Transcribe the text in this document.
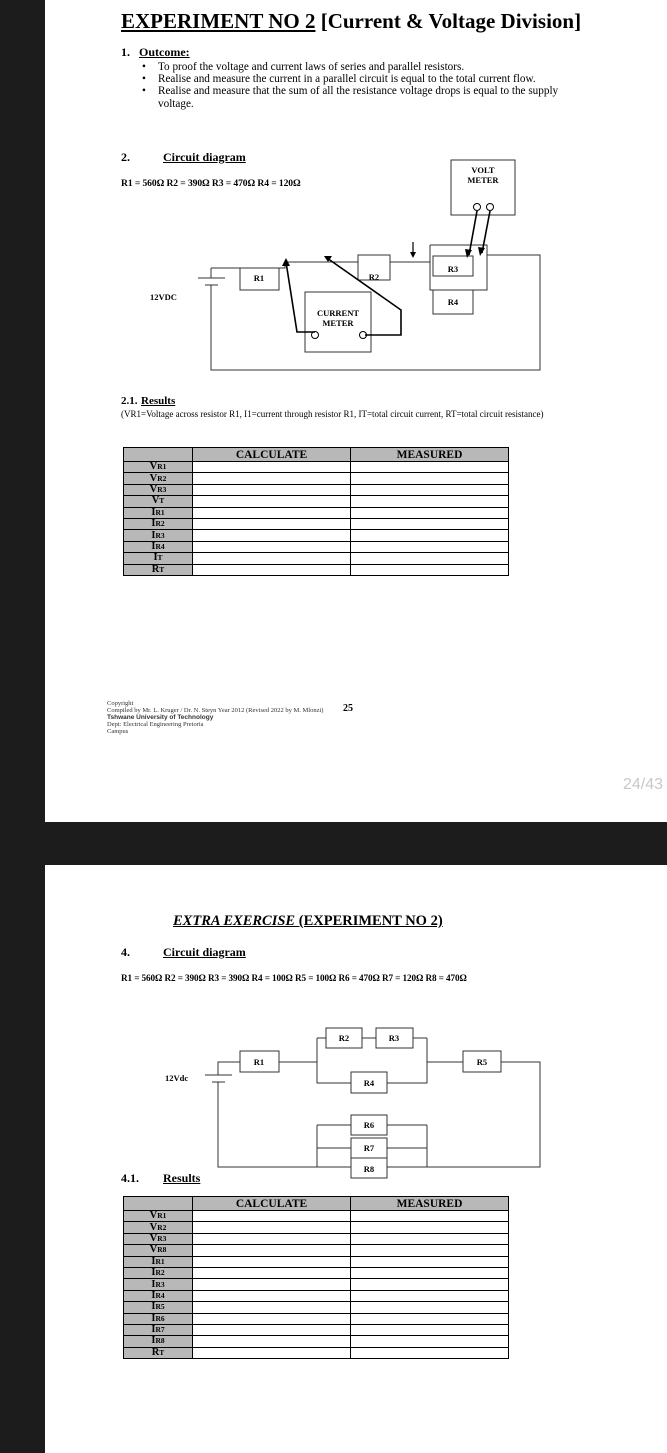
EXPERIMENT NO 2 [Current & Voltage Division]
1. Outcome:
• To proof the voltage and current laws of series and parallel resistors.
• Realise and measure the current in a parallel circuit is equal to the total current flow.
• Realise and measure that the sum of all the resistance voltage drops is equal to the supply voltage.
2.	Circuit diagram
R1 = 560Ω R2 = 390Ω R3 = 470Ω R4 = 120Ω
VOLT
METER
CURRENT
METER
12VDC
R1	R2
R3
R4
2.1. Results
(VR1=Voltage across resistor R1, I1=current through resistor R1, IT=total circuit current, RT=total circuit resistance)
	CALCULATE	MEASURED
VR1		
VR2		
VR3		
VT		
IR1		
IR2		
IR3		
IR4		
IT		
RT		
Copyright
Compiled by Mr. L. Kruger / Dr. N. Steyn Year 2012 (Revised 2022 by M. Mlonzi)
Tshwane University of Technology
Dept: Electrical Engineering Pretoria
Campus
25
24/43
EXTRA EXERCISE (EXPERIMENT NO 2)
4.	Circuit diagram
R1 = 560Ω R2 = 390Ω R3 = 390Ω R4 = 100Ω R5 = 100Ω R6 = 470Ω R7 = 120Ω R8 = 470Ω
12Vdc
R1
R2	R3
R4
R5
R6
R7
R8
4.1. Results
	CALCULATE	MEASURED
VR1		
VR2		
VR3		
VR8		
IR1		
IR2		
IR3		
IR4		
IR5		
IR6		
IR7		
IR8		
RT		
